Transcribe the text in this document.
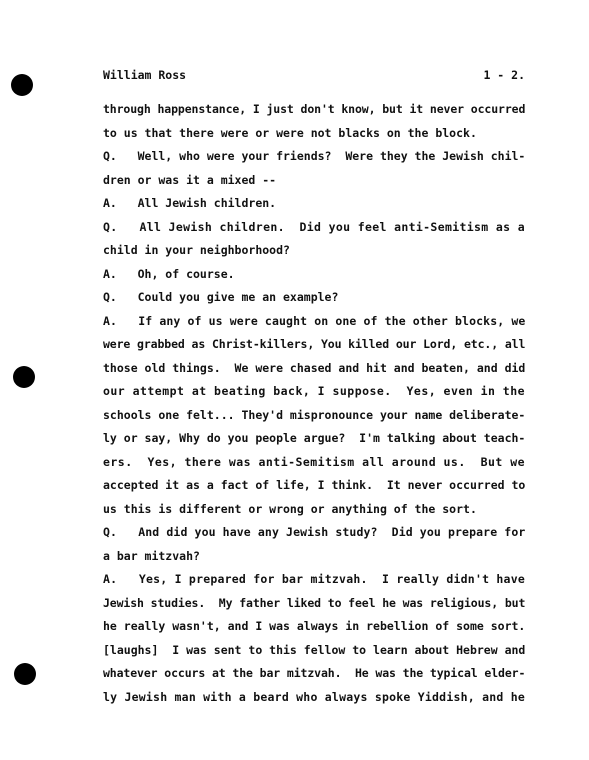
William Ross	1 - 2.
through happenstance, I just don't know, but it never occurred
to us that there were or were not blacks on the block.
Q.   Well, who were your friends?  Were they the Jewish chil-
dren or was it a mixed --
A.   All Jewish children.
Q.   All Jewish children.  Did you feel anti-Semitism as a
child in your neighborhood?
A.   Oh, of course.
Q.   Could you give me an example?
A.   If any of us were caught on one of the other blocks, we
were grabbed as Christ-killers, You killed our Lord, etc., all
those old things.  We were chased and hit and beaten, and did
our attempt at beating back, I suppose.  Yes, even in the
schools one felt... They'd mispronounce your name deliberate-
ly or say, Why do you people argue?  I'm talking about teach-
ers.  Yes, there was anti-Semitism all around us.  But we
accepted it as a fact of life, I think.  It never occurred to
us this is different or wrong or anything of the sort.
Q.   And did you have any Jewish study?  Did you prepare for
a bar mitzvah?
A.   Yes, I prepared for bar mitzvah.  I really didn't have
Jewish studies.  My father liked to feel he was religious, but
he really wasn't, and I was always in rebellion of some sort.
[laughs]  I was sent to this fellow to learn about Hebrew and
whatever occurs at the bar mitzvah.  He was the typical elder-
ly Jewish man with a beard who always spoke Yiddish, and he
